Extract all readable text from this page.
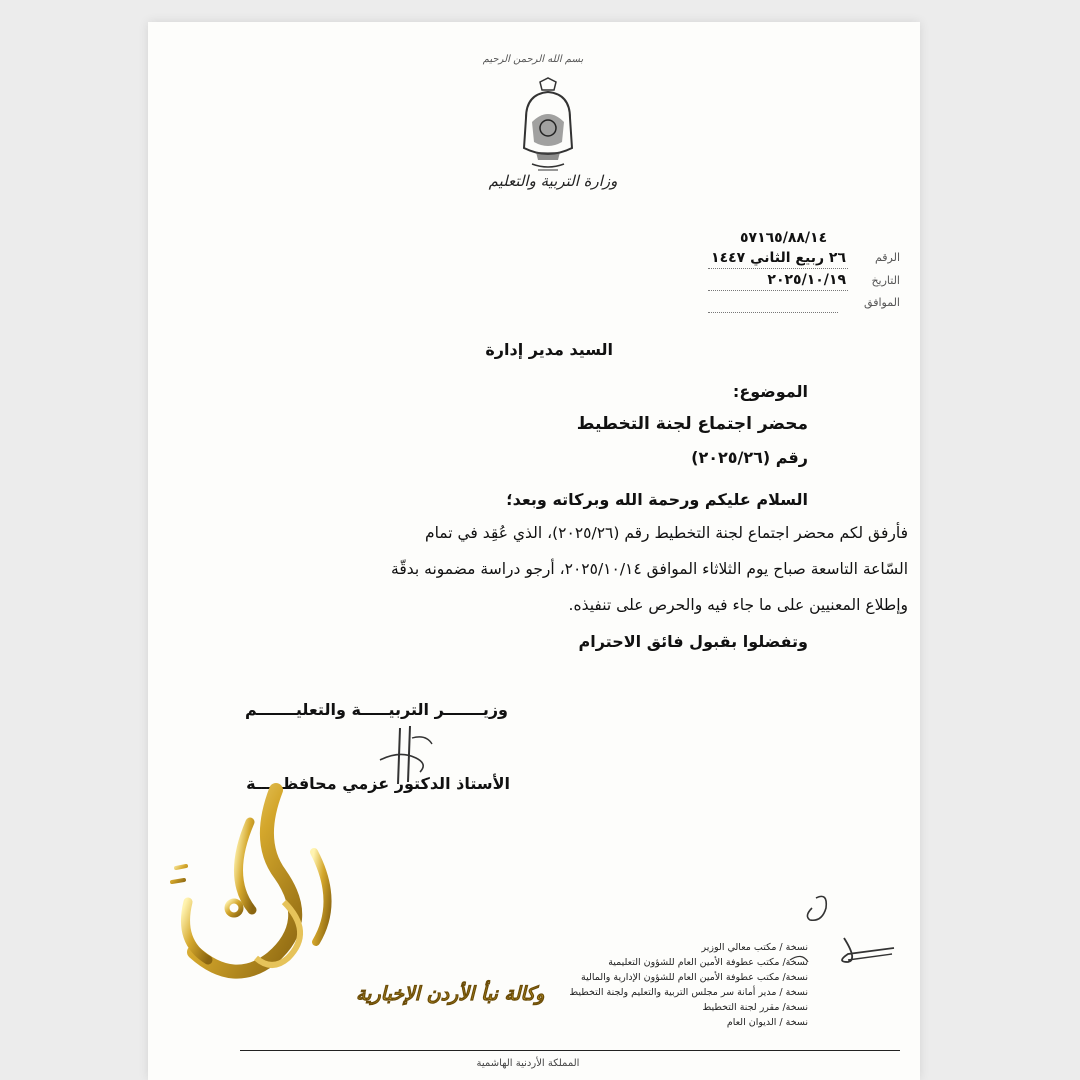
بسم الله الرحمن الرحيم
وزارة التربية والتعليم
٥٧١٦٥/٨٨/١٤
الرقم
٢٦ ربيع الثاني ١٤٤٧
التاريخ
٢٠٢٥/١٠/١٩
الموافق
السيد مدير إدارة
الموضوع:
محضر اجتماع لجنة التخطيط
رقم (٢٠٢٥/٢٦)
السلام عليكم ورحمة الله وبركاته وبعد؛
فأرفق لكم محضر اجتماع لجنة التخطيط رقم (٢٠٢٥/٢٦)، الذي عُقِد في تمام
السّاعة التاسعة صباح يوم الثلاثاء الموافق ٢٠٢٥/١٠/١٤، أرجو دراسة مضمونه بدقّة
وإطلاع المعنيين على ما جاء فيه والحرص على تنفيذه.
وتفضلوا بقبول فائق الاحترام
وزيـــــــر التربيـــــة والتعليـــــــم
الأستاذ الدكتور عزمي محافظـــــة
نسخة / مكتب معالي الوزير
نسخة/ مكتب عطوفة الأمين العام للشؤون التعليمية
نسخة/ مكتب عطوفة الأمين العام للشؤون الإدارية والمالية
نسخة / مدير أمانة سر مجلس التربية والتعليم ولجنة التخطيط
نسخة/ مقرر لجنة التخطيط
نسخة / الديوان العام
المملكة الأردنية الهاشمية
وكالة نبأ الأردن الإخبارية
